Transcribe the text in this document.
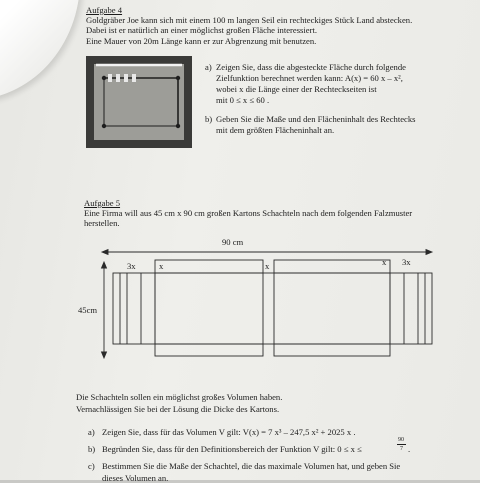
Aufgabe 4
Goldgräber Joe kann sich mit einem 100 m langen Seil ein rechteckiges Stück Land abstecken.
Dabei ist er natürlich an einer möglichst großen Fläche interessiert.
Eine Mauer von 20m Länge kann er zur Abgrenzung mit benutzen.
a) Zeigen Sie, dass die abgesteckte Fläche durch folgende
Zielfunktion berechnet werden kann: A(x) = 60 x – x²,
wobei x die Länge einer der Rechteckseiten ist
mit 0 ≤ x ≤ 60 .
b) Geben Sie die Maße und den Flächeninhalt des Rechtecks
mit dem größten Flächeninhalt an.
Aufgabe 5
Eine Firma will aus 45 cm x 90 cm großen Kartons Schachteln nach dem folgenden Falzmuster
herstellen.
90 cm
45cm
3x	3x
x	x	x
Die Schachteln sollen ein möglichst großes Volumen haben.
Vernachlässigen Sie bei der Lösung die Dicke des Kartons.
a) Zeigen Sie, dass für das Volumen V gilt: V(x) = 7 x³ – 247,5 x² + 2025 x .
b) Begründen Sie, dass für den Definitionsbereich der Funktion V gilt: 0 ≤ x ≤
90
7 .
c) Bestimmen Sie die Maße der Schachtel, die das maximale Volumen hat, und geben Sie
dieses Volumen an.
